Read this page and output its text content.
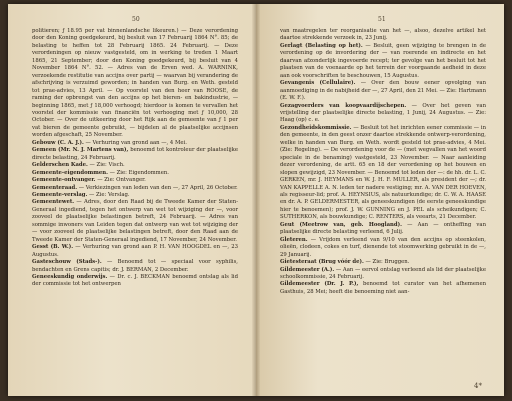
50
politieren; ƒ 18.95 per vat binnenlandsche likeuren.) — Deze verordening door den Koning goedgekeurd, bij besluit van 17 Februarij 1864 N°. 85; de belasting te heffen tot 28 Februarij 1865. 24 Februarij. — Deze verordeningen op nieuw vastgesteld, om in werking te treden 1 Maart 1865, 21 September; door den Koning goedgekeurd, bij besluit van 4 November 1864 N°. 52. — Adres van de Erven wed. A. WARNINK, verzoekende restitutie van accijns over partij — waarvan bij verandering de afschrijving is verzuimd geworden; in handen van Burg. en Weth. gesteld tot prae-advies, 13 April. — Op voorstel van den heer van ROOSE, de raming der opbrengst van den accijns op het bieren- en bakindustrie, — beginning 1865, met ƒ 18,000 verhoogd; hierdoor is komen te vervallen het voorstel der kommissie van financiën tot verhooging met ƒ 10,000, 28 October. — Over de uitkeering door het Rijk aan de gemeente van ƒ 1 per vat bieren de gemeente gebruikt, — bijdelen al de plaatselijke accijnsen worden afgeschaft, 25 November.
Gebouw (C. A. J.). — Verhuring van grond aan —, 4 Mei.
Gemeen (Mr. N. J. Martens van), benoemd tot kontroleur der plaatselijke directe belasting, 24 Februarij.
Gelderschen Kade. — Zie: Visch.
Gemeente-eigendommen. — Zie: Eigendommen.
Gemeente-ontvanger. — Zie: Ontvanger.
Gemeenteraad. — Verkiezingen van leden van den —, 27 April, 26 October.
Gemeente-verslag. — Zie: Verslag.
Gemeentewet. — Adres, door den Raad bij de Tweede Kamer der Staten-Generaal ingediend, tegen het ontwerp van wet tot wijziging der —, voor zooveel de plaatselijke belastingen betreft, 24 Februarij. — Adres van sommige inwoners van Leiden tegen dat ontwerp van wet tot wijziging der — voor zooveel de plaatselijke belastingen betreft, door den Raad aan de Tweede Kamer der Staten-Generaal ingediend, 17 November, 24 November.
Gesst (B. W.). — Verhuring van grond aan P. H. VAN HOOGDEL en —, 23 Augustus.
Gasteschouw (Stads-). — Benoemd tot — speciaal voor syphilis, bendachten en Grens capitis; dr. J. BERMAN, 2 December.
Geneeskundig onderwijs. — Dr. c. J. BECKMAN benoemd ontslag als lid der commissie tot het ontwerpen
51
van maatregelen ter reorganisatie van het —, alsoo, dezelve artikel het daartoe strekkende verzoek in, 23 Junij.
Gerlagt (Belasting op het). — Besluit, geen wijziging te brengen in de verordening op de invordering der — van roerende en indirecte en het daarvan afzonderlijk ingevoerde recept; ter gevolge van het besluit tot het plaatsen van de voenaarde op het terrein der voorgaande aedheid in deze aan ook voorschriften te beschouwen, 15 Augustus.
Gevangenis (Cellulaire). — Over den bouw eener opvolging van aanmoediging in de nabijheid der —, 27 April, den 21 Mei. — Zie: Hartmann (E. W. F.).
Gezagvoerders van koopvaardijschepen. — Over het geven van vrijstelling der plaatselijke directe belasting, 1 Junij, 24 Augustus. — Zie: Haag (op) c. e.
Gezondheidskommissie. — Besluit tot het inrichten eener commissie — in den gemeente, in den geest onzer daartoe strekkende ontwerp-verordening, welke in handen van Burg. en Weth. wordt gesteld tot prae-advies, 4 Mei. (Zie: Regeling). — De verordening voor de — (met wegvallen van het woord speciale in de benaming) vastgesteld, 23 November. — Naar aanleiding dezer verordening, de artt. 65 en 18 der verordening op het bouwen en slopen gewijzigd, 23 November. — Benoemd tot leden der —: de hh. dr. L. C. GERKEN, mr. J. HEYMANS en W. J. H. F. MULLER, als president der —; dr. VAN KAPPELLE A. N. leden ter nadere vestiging; mr. A. VAN DER HOEVEN, als regisseur-lid; prof. A. HEYNSIUS, als natuurkundige; dr. C. W. A. HAASE en dr. A. P. GELDERMESTER, als geneeskundigen (de eerste geneeskundige hier te benoemen); prof. J. W. GUNNING en J. PEL als scheikundigen; C. SUTHERKON, als bouwkundige; C. RENTERS, als veearts, 21 December.
Geut (Meetrow van, geb. Hoogland). — Aan — ontheffing van plaatselijke directe belasting verleend, 6 Julij.
Gleteren. — Vrijdom verleend van 9/10 van den accijns op steenkolen, olieën, clodeen, cokes en turf, dienende tot stoomwerking gebruikt in de —, 29 Januarij.
Gietesteraat (Brug vóór de). — Zie: Bruggen.
Gildemeester (A.). — Aan — eervol ontslag verleend als lid der plaatselijke schoolkommissie, 24 Februarij.
Gildemeester (Dr. J. P.), benoemd tot curator van het afhemenen Gasthuis, 28 Mei; heeft die benoeming niet aan-
4*
